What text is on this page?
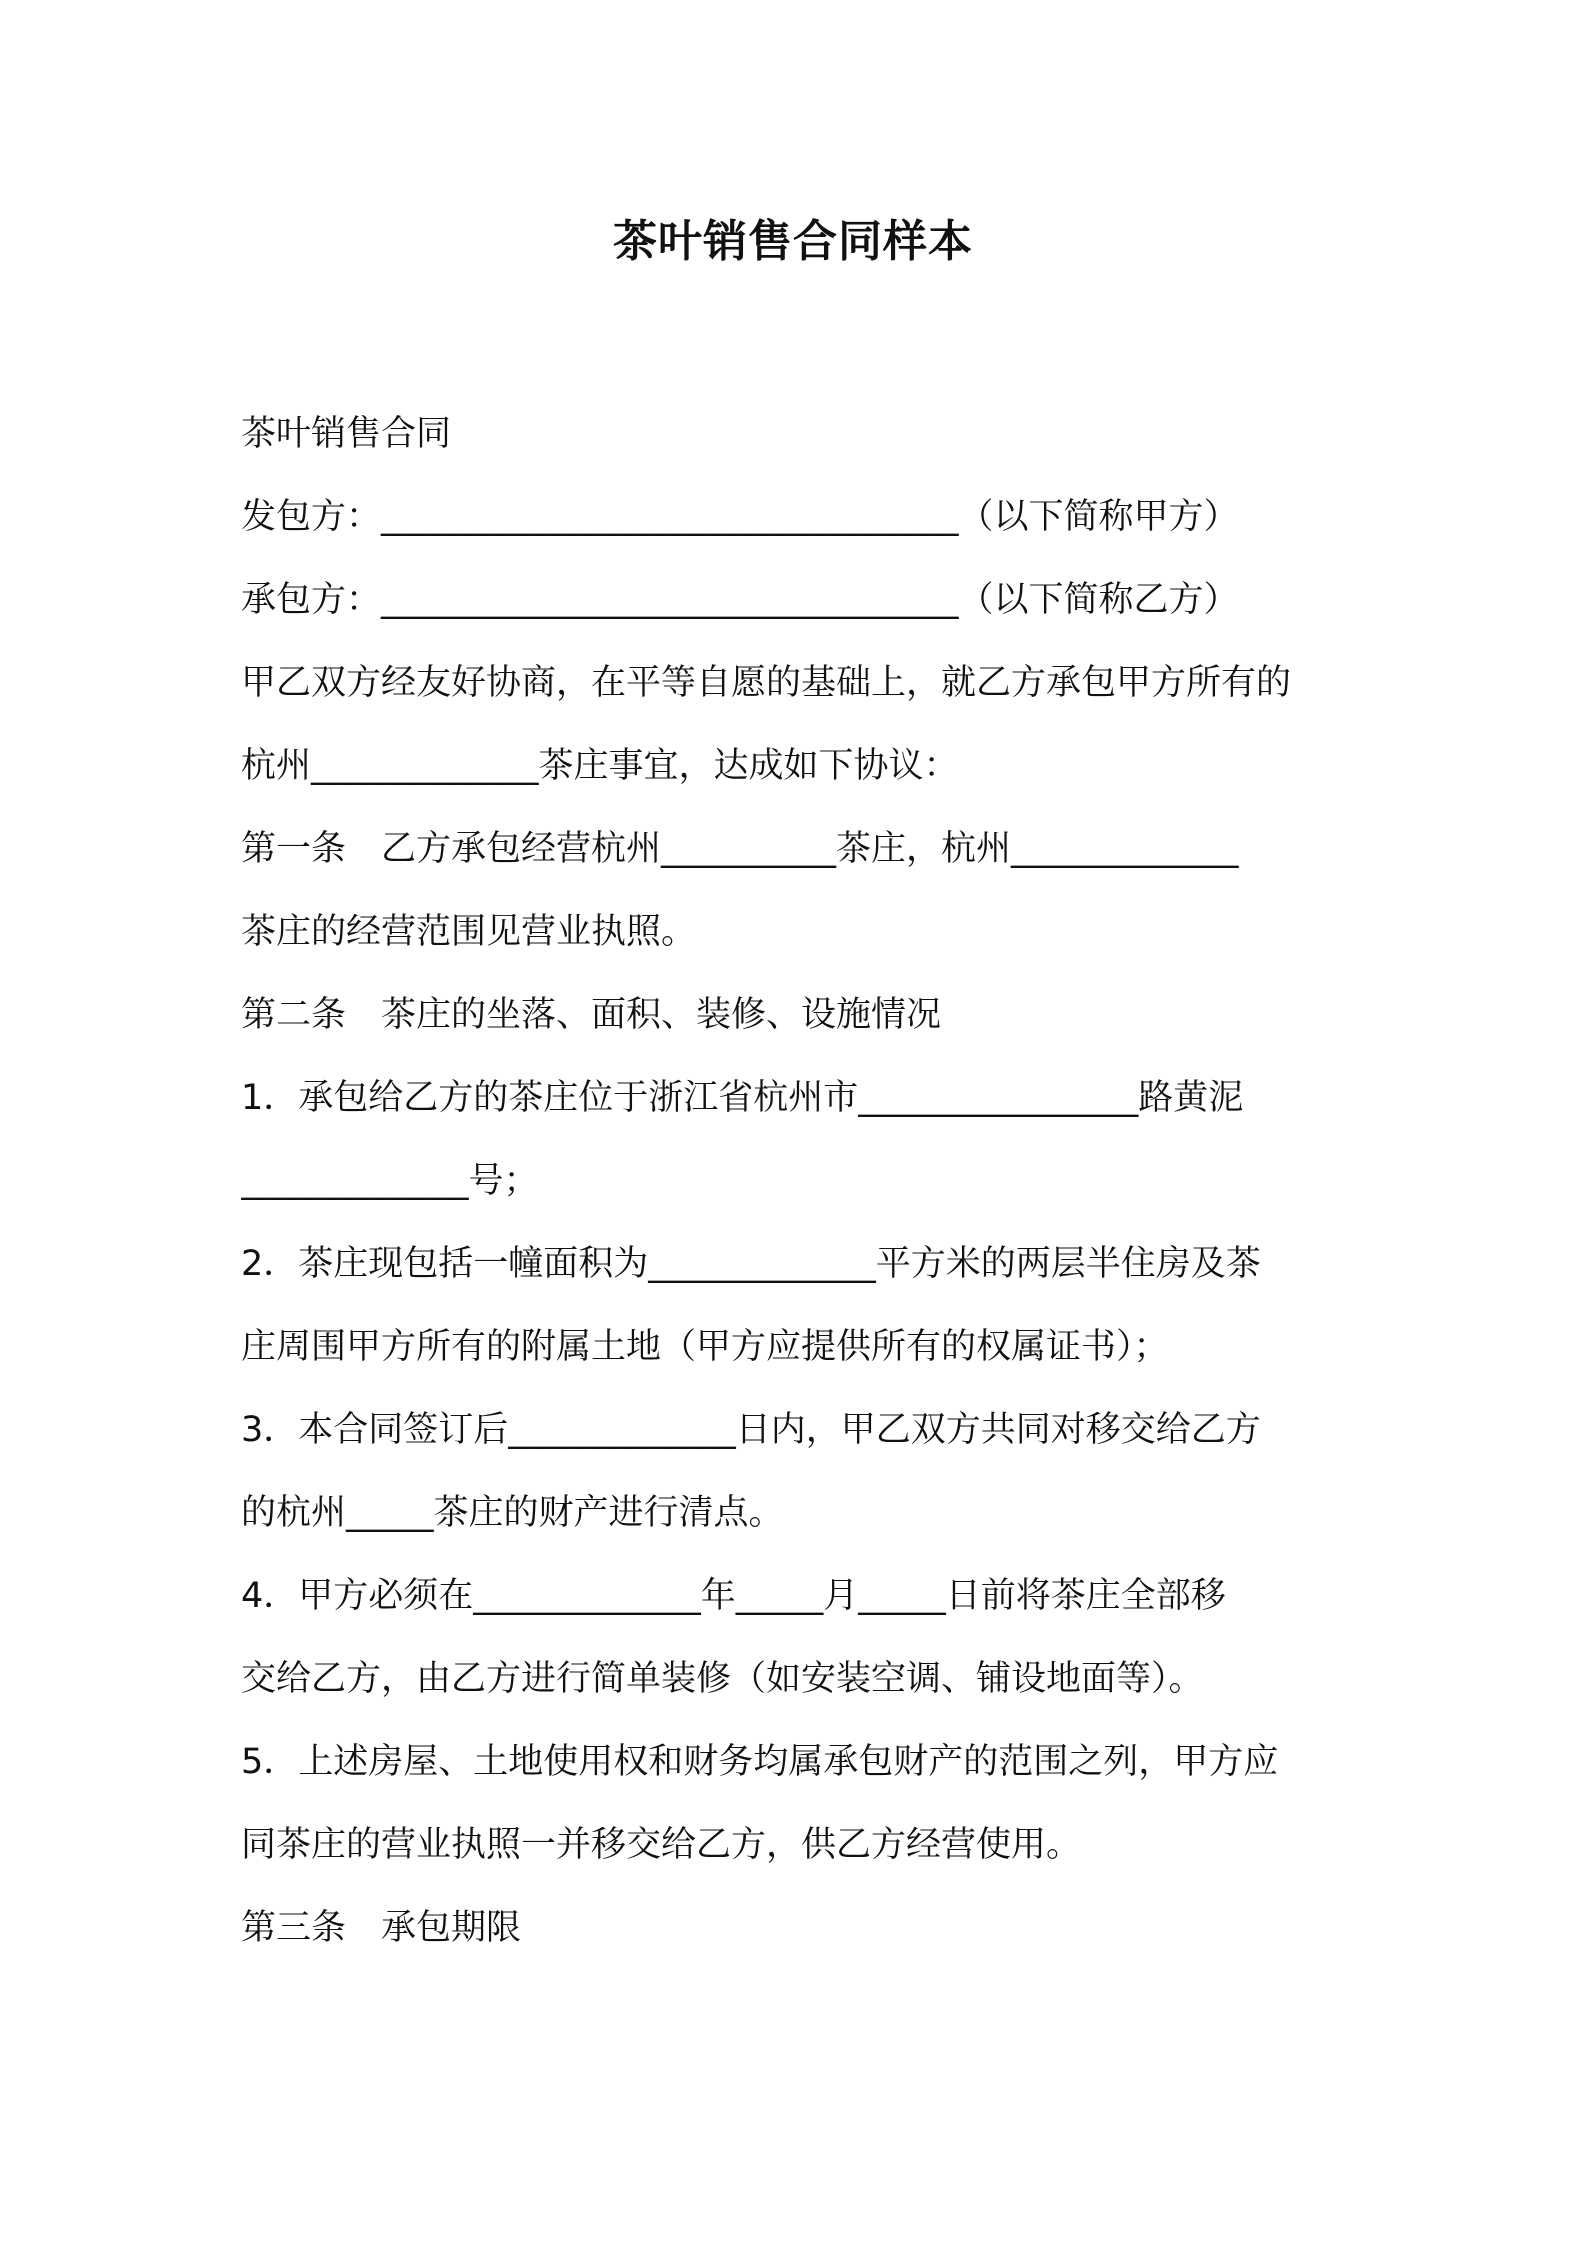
茶叶销售合同样本

茶叶销售合同

发包方：_________________________________（以下简称甲方）

承包方：_________________________________（以下简称乙方）

甲乙双方经友好协商，在平等自愿的基础上，就乙方承包甲方所有的

杭州_____________茶庄事宜，达成如下协议：

第一条　乙方承包经营杭州__________茶庄，杭州_____________

茶庄的经营范围见营业执照。

第二条　茶庄的坐落、面积、装修、设施情况

1．承包给乙方的茶庄位于浙江省杭州市________________路黄泥

_____________号；

2．茶庄现包括一幢面积为_____________平方米的两层半住房及茶

庄周围甲方所有的附属土地（甲方应提供所有的权属证书）；

3．本合同签订后_____________日内，甲乙双方共同对移交给乙方

的杭州_____茶庄的财产进行清点。

4．甲方必须在_____________年_____月_____日前将茶庄全部移

交给乙方，由乙方进行简单装修（如安装空调、铺设地面等）。

5．上述房屋、土地使用权和财务均属承包财产的范围之列，甲方应

同茶庄的营业执照一并移交给乙方，供乙方经营使用。

第三条　承包期限
